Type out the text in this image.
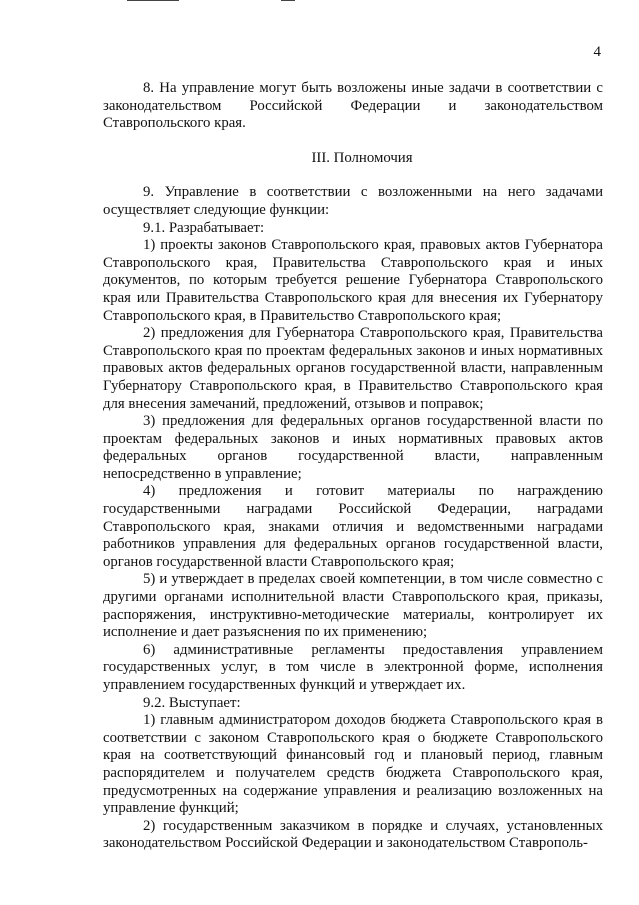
4

8. На управление могут быть возложены иные задачи в соответствии с законодательством Российской Федерации и законодательством Ставропольского края.

III. Полномочия

9. Управление в соответствии с возложенными на него задачами осуществляет следующие функции:

9.1. Разрабатывает:

1) проекты законов Ставропольского края, правовых актов Губернатора Ставропольского края, Правительства Ставропольского края и иных документов, по которым требуется решение Губернатора Ставропольского края или Правительства Ставропольского края для внесения их Губернатору Ставропольского края, в Правительство Ставропольского края;

2) предложения для Губернатора Ставропольского края, Правительства Ставропольского края по проектам федеральных законов и иных нормативных правовых актов федеральных органов государственной власти, направленным Губернатору Ставропольского края, в Правительство Ставропольского края для внесения замечаний, предложений, отзывов и поправок;

3) предложения для федеральных органов государственной власти по проектам федеральных законов и иных нормативных правовых актов федеральных органов государственной власти, направленным непосредственно в управление;

4) предложения и готовит материалы по награждению государственными наградами Российской Федерации, наградами Ставропольского края, знаками отличия и ведомственными наградами работников управления для федеральных органов государственной власти, органов государственной власти Ставропольского края;

5) и утверждает в пределах своей компетенции, в том числе совместно с другими органами исполнительной власти Ставропольского края, приказы, распоряжения, инструктивно-методические материалы, контролирует их исполнение и дает разъяснения по их применению;

6) административные регламенты предоставления управлением государственных услуг, в том числе в электронной форме, исполнения управлением государственных функций и утверждает их.

9.2. Выступает:

1) главным администратором доходов бюджета Ставропольского края в соответствии с законом Ставропольского края о бюджете Ставропольского края на соответствующий финансовый год и плановый период, главным распорядителем и получателем средств бюджета Ставропольского края, предусмотренных на содержание управления и реализацию возложенных на управление функций;

2) государственным заказчиком в порядке и случаях, установленных законодательством Российской Федерации и законодательством Ставрополь-
